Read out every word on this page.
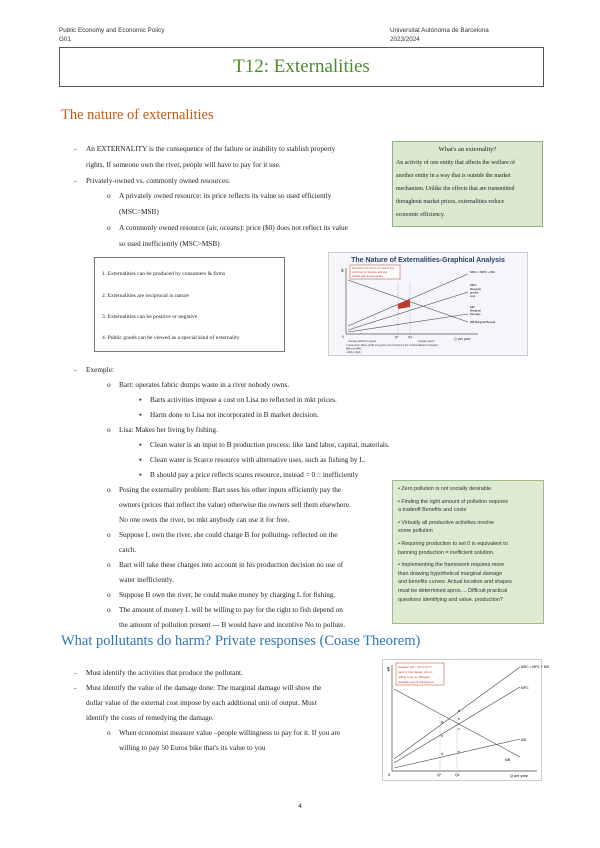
Public Economy and Economic Policy
G01
Universitat Autònoma de Barcelona
2023/2024
T12: Externalities
The nature of externalities
- An EXTERNALITY is the consequence of the failure or inability to stablish property
rights. If someone own the river, people will have to pay for it use.
- Privately-owned vs. commonly owned resources:
o A privately owned resource: its price reflects its value so used efficiently
(MSC=MSB)
o A commonly owned resource (air, oceans): price ($0) does not reflect its value
so used inefficiently (MSC>MSB)
What's an externality?
An activity of one entity that affects the welfare of
another entity in a way that is outside the market
mechanism. Unlike the effects that are transmitted
throughout market prices, externalities reduce
economic efficiency.
1. Externalities can be produced by consumers & firms
2. Externalities are reciprocal in nature
3. Externalities can be positive or negative
4. Public goods can be viewed as a special kind of externality
The Nature of Externalities-Graphical Analysis
$
Q per year
0
Reduction from Q1 to Q* means dog
profit loss for Supplier and dog
welfare gain for Demander
Q*	Q1
MSC = MPC + MD
MPC
Marginal
private
cost
MD
Marginal
Damage
MB Marginal Benefit
Society efficient output	Actual output
• Geometric, Many profit of a given unit of output is the vertical distance between
MB and MPC
• Abfg =dcgh
- Exemple:
o Bart: operates fabric dumps waste in a river nobody owns.
▪ Barts activities impose a cost on Lisa no reflected in mkt prices.
▪ Harm done to Lisa not incorporated in B market decision.
o Lisa: Makes her living by fishing.
▪ Clean water is an input to B production process: like land labor, capital, materials.
▪ Clean water is Scarce resource with alternative uses, such as fishing by L.
▪ B should pay a price reflects scares resource, instead = 0 :: inefficiently
o Posing the externality problem: Bart uses his other inputs efficiently pay the
owners (prices that reflect the value) otherwise the owners sell them elsewhere.
No one owns the river, no mkt anybody can use it for free.
o Suppose L own the river, she could charge B for polluting- reflected on the
catch.
o Bart will take these charges into account in his production decision no use of
water inefficiently.
o Suppose B own the river, he could make money by charging L for fishing.
o The amount of money L will be willing to pay for the right to fish depend on
the amount of pollution present --- B would have and incentive No to pollute.
• Zero pollution is not socially desirable.
• Finding the right amount of pollution requires
a tradeoff Benefits and costs
• Virtually all productive activities involve
some pollution
• Requiring production to set 0 is equivalent to
banning production = inefficient solution.
• Implementing the framework requires more
than drawing hypothetical marginal damage
and benefits curves: Actual location and shapes
must be determined aprox.... Difficult practical
questions identifying and value. production?
What pollutants do harm? Private responses (Coase Theorem)
- Must identify the activities that produce the pollutant.
- Must identify the value of the damage done: The marginal damage will show the
dollar value of the external cost impose by each additional unit of output. Must
identify the costs of remedying the damage.
o When economist measure value –people willingness to pay for it. If you are
willing to pay 50 Euros bike that's its value to you
$
Q per year
0
Supplier will ↓ Q1 to Q* if
paid by Demander, who is
willing to do so. Bargain
possible over $ transferred.
Q*	Q1
MSC = MPC + MD
MPC
MD
MB
a
b
g
c
h
d	e
4
